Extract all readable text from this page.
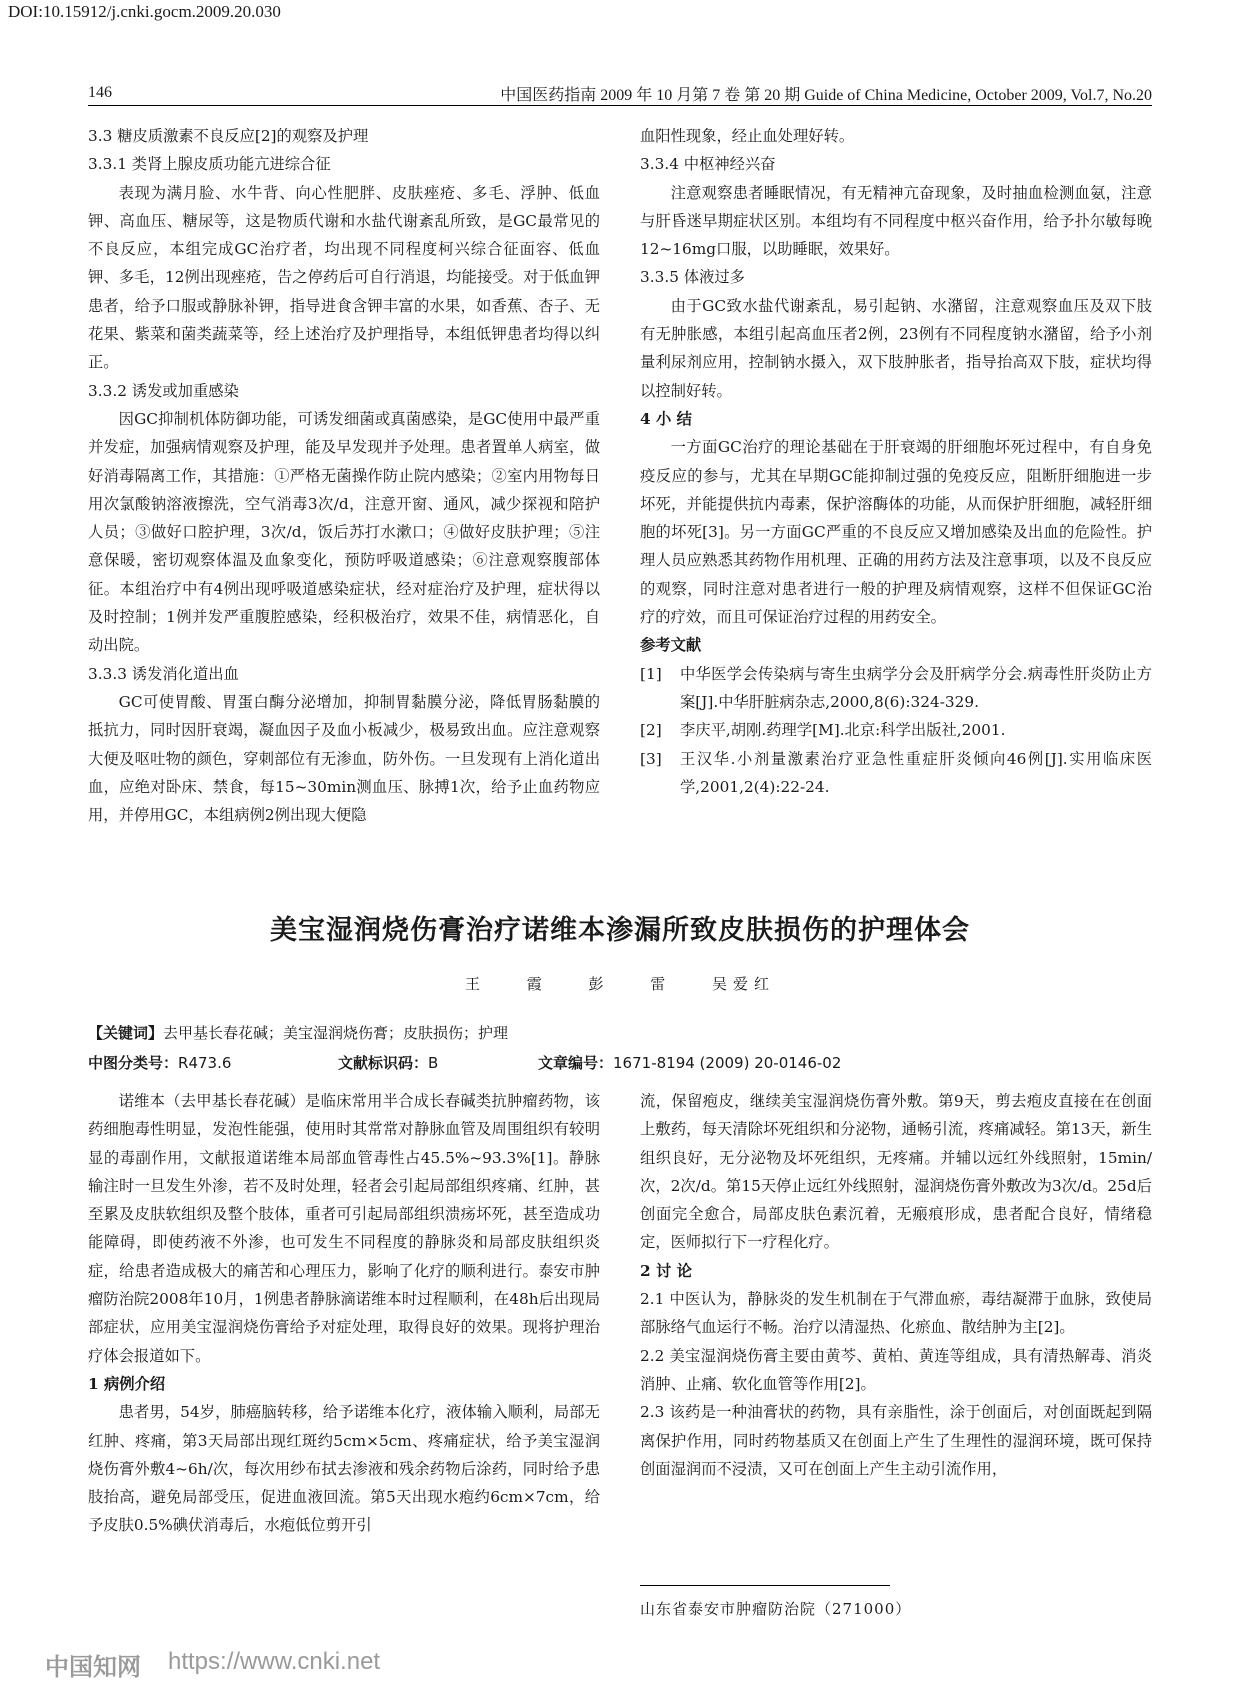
DOI:10.15912/j.cnki.gocm.2009.20.030
146	中国医药指南 2009 年 10 月第 7 卷 第 20 期 Guide of China Medicine, October 2009, Vol.7, No.20
3.3 糖皮质激素不良反应[2]的观察及护理
3.3.1 类肾上腺皮质功能亢进综合征
表现为满月脸、水牛背、向心性肥胖、皮肤痤疮、多毛、浮肿、低血钾、高血压、糖尿等，这是物质代谢和水盐代谢紊乱所致，是GC最常见的不良反应，本组完成GC治疗者，均出现不同程度柯兴综合征面容、低血钾、多毛，12例出现痤疮，告之停药后可自行消退，均能接受。对于低血钾患者，给予口服或静脉补钾，指导进食含钾丰富的水果，如香蕉、杏子、无花果、紫菜和菌类蔬菜等，经上述治疗及护理指导，本组低钾患者均得以纠正。
3.3.2 诱发或加重感染
因GC抑制机体防御功能，可诱发细菌或真菌感染，是GC使用中最严重并发症，加强病情观察及护理，能及早发现并予处理。患者置单人病室，做好消毒隔离工作，其措施：①严格无菌操作防止院内感染；②室内用物每日用次氯酸钠溶液擦洗，空气消毒3次/d，注意开窗、通风，减少探视和陪护人员；③做好口腔护理，3次/d，饭后苏打水漱口；④做好皮肤护理；⑤注意保暖，密切观察体温及血象变化，预防呼吸道感染；⑥注意观察腹部体征。本组治疗中有4例出现呼吸道感染症状，经对症治疗及护理，症状得以及时控制；1例并发严重腹腔感染，经积极治疗，效果不佳，病情恶化，自动出院。
3.3.3 诱发消化道出血
GC可使胃酸、胃蛋白酶分泌增加，抑制胃黏膜分泌，降低胃肠黏膜的抵抗力，同时因肝衰竭，凝血因子及血小板减少，极易致出血。应注意观察大便及呕吐物的颜色，穿刺部位有无渗血，防外伤。一旦发现有上消化道出血，应绝对卧床、禁食，每15~30min测血压、脉搏1次，给予止血药物应用，并停用GC，本组病例2例出现大便隐
血阳性现象，经止血处理好转。
3.3.4 中枢神经兴奋
注意观察患者睡眠情况，有无精神亢奋现象，及时抽血检测血氨，注意与肝昏迷早期症状区别。本组均有不同程度中枢兴奋作用，给予扑尔敏每晚12~16mg口服，以助睡眠，效果好。
3.3.5 体液过多
由于GC致水盐代谢紊乱，易引起钠、水潴留，注意观察血压及双下肢有无肿胀感，本组引起高血压者2例，23例有不同程度钠水潴留，给予小剂量利尿剂应用，控制钠水摄入，双下肢肿胀者，指导抬高双下肢，症状均得以控制好转。
4 小 结
一方面GC治疗的理论基础在于肝衰竭的肝细胞坏死过程中，有自身免疫反应的参与，尤其在早期GC能抑制过强的免疫反应，阻断肝细胞进一步坏死，并能提供抗内毒素，保护溶酶体的功能，从而保护肝细胞，减轻肝细胞的坏死[3]。另一方面GC严重的不良反应又增加感染及出血的危险性。护理人员应熟悉其药物作用机理、正确的用药方法及注意事项，以及不良反应的观察，同时注意对患者进行一般的护理及病情观察，这样不但保证GC治疗的疗效，而且可保证治疗过程的用药安全。
参考文献
[1]	中华医学会传染病与寄生虫病学分会及肝病学分会.病毒性肝炎防止方案[J].中华肝脏病杂志,2000,8(6):324-329.
[2]	李庆平,胡刚.药理学[M].北京:科学出版社,2001.
[3]	王汉华.小剂量激素治疗亚急性重症肝炎倾向46例[J].实用临床医学,2001,2(4):22-24.
美宝湿润烧伤膏治疗诺维本渗漏所致皮肤损伤的护理体会
王 霞 彭 雷 吴爱红
【关键词】去甲基长春花碱；美宝湿润烧伤膏；皮肤损伤；护理
中图分类号：R473.6	文献标识码：B	文章编号：1671-8194 (2009) 20-0146-02
诺维本（去甲基长春花碱）是临床常用半合成长春碱类抗肿瘤药物，该药细胞毒性明显，发泡性能强，使用时其常常对静脉血管及周围组织有较明显的毒副作用，文献报道诺维本局部血管毒性占45.5%~93.3%[1]。静脉输注时一旦发生外渗，若不及时处理，轻者会引起局部组织疼痛、红肿，甚至累及皮肤软组织及整个肢体，重者可引起局部组织溃疡坏死，甚至造成功能障碍，即使药液不外渗，也可发生不同程度的静脉炎和局部皮肤组织炎症，给患者造成极大的痛苦和心理压力，影响了化疗的顺利进行。泰安市肿瘤防治院2008年10月，1例患者静脉滴诺维本时过程顺利，在48h后出现局部症状，应用美宝湿润烧伤膏给予对症处理，取得良好的效果。现将护理治疗体会报道如下。
1 病例介绍
患者男，54岁，肺癌脑转移，给予诺维本化疗，液体输入顺利，局部无红肿、疼痛，第3天局部出现红斑约5cm×5cm、疼痛症状，给予美宝湿润烧伤膏外敷4~6h/次，每次用纱布拭去渗液和残余药物后涂药，同时给予患肢抬高，避免局部受压，促进血液回流。第5天出现水疱约6cm×7cm，给予皮肤0.5%碘伏消毒后，水疱低位剪开引
流，保留疱皮，继续美宝湿润烧伤膏外敷。第9天，剪去疱皮直接在在创面上敷药，每天清除坏死组织和分泌物，通畅引流，疼痛减轻。第13天，新生组织良好，无分泌物及坏死组织，无疼痛。并辅以远红外线照射，15min/次，2次/d。第15天停止远红外线照射，湿润烧伤膏外敷改为3次/d。25d后创面完全愈合，局部皮肤色素沉着，无瘢痕形成，患者配合良好，情绪稳定，医师拟行下一疗程化疗。
2 讨 论
2.1 中医认为，静脉炎的发生机制在于气滞血瘀，毒结凝滞于血脉，致使局部脉络气血运行不畅。治疗以清湿热、化瘀血、散结肿为主[2]。
2.2 美宝湿润烧伤膏主要由黄芩、黄柏、黄连等组成，具有清热解毒、消炎消肿、止痛、软化血管等作用[2]。
2.3 该药是一种油膏状的药物，具有亲脂性，涂于创面后，对创面既起到隔离保护作用，同时药物基质又在创面上产生了生理性的湿润环境，既可保持创面湿润而不浸渍，又可在创面上产生主动引流作用，
山东省泰安市肿瘤防治院（271000）
中国知网 https://www.cnki.net
